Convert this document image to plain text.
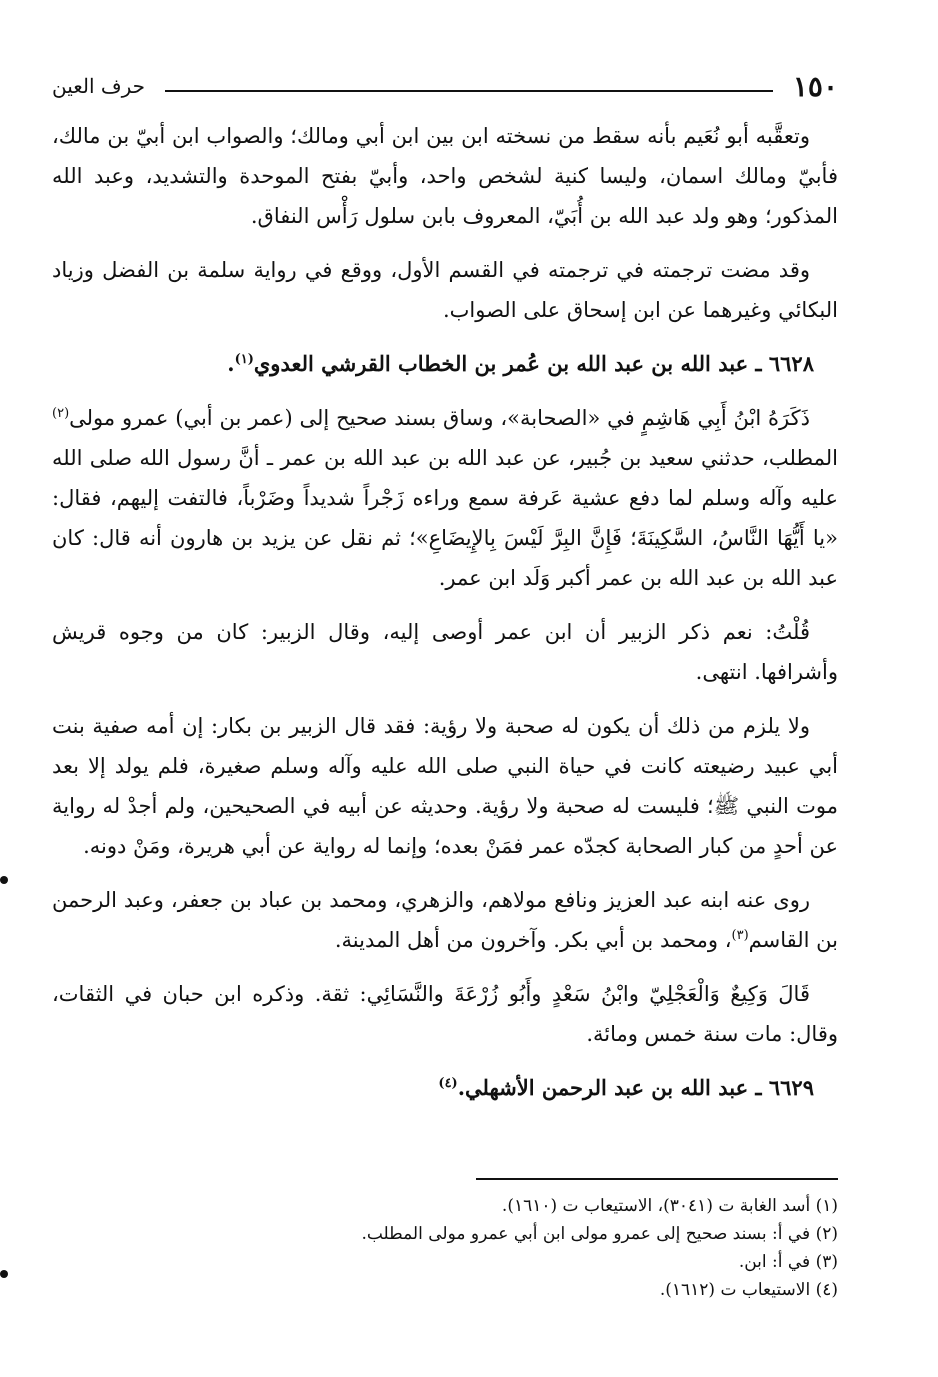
١٥٠
حرف العين

وتعقَّبه أبو نُعَيم بأنه سقط من نسخته ابن بين ابن أبي ومالك؛ والصواب ابن أبيّ بن مالك، فأبيّ ومالك اسمان، وليسا كنية لشخص واحد، وأبيّ بفتح الموحدة والتشديد، وعبد الله المذكور؛ وهو ولد عبد الله بن أُبَيّ، المعروف بابن سلول رَأْس النفاق.

وقد مضت ترجمته في ترجمته في القسم الأول، ووقع في رواية سلمة بن الفضل وزياد البكائي وغيرهما عن ابن إسحاق على الصواب.

٦٦٢٨ ـ عبد الله بن عبد الله بن عُمر بن الخطاب القرشي العدوي$^{(١)}$.

ذَكَرَهُ ابْنُ أَبِي هَاشِمٍ في «الصحابة»، وساق بسند صحيح إلى (عمر بن أبي) عمرو مولى$^{(٢)}$ المطلب، حدثني سعيد بن جُبير، عن عبد الله بن عبد الله بن عمر ـ أنَّ رسول الله صلى الله عليه وآله وسلم لما دفع عشية عَرفة سمع وراءه زَجْراً شديداً وضَرْباً، فالتفت إليهم، فقال: «يا أَيُّهَا النَّاسُ، السَّكِينَةَ؛ فَإِنَّ البِرَّ لَيْسَ بِالإِيضَاعِ»؛ ثم نقل عن يزيد بن هارون أنه قال: كان عبد الله بن عبد الله بن عمر أكبر وَلَد ابن عمر.

قُلْتُ: نعم ذكر الزبير أن ابن عمر أوصى إليه، وقال الزبير: كان من وجوه قريش وأشرافها. انتهى.

ولا يلزم من ذلك أن يكون له صحبة ولا رؤية: فقد قال الزبير بن بكار: إن أمه صفية بنت أبي عبيد رضيعته كانت في حياة النبي صلى الله عليه وآله وسلم صغيرة، فلم يولد إلا بعد موت النبي ﷺ؛ فليست له صحبة ولا رؤية. وحديثه عن أبيه في الصحيحين، ولم أجدْ له رواية عن أحدٍ من كبار الصحابة كجدّه عمر فمَنْ بعده؛ وإنما له رواية عن أبي هريرة، ومَنْ دونه.

روى عنه ابنه عبد العزيز ونافع مولاهم، والزهري، ومحمد بن عباد بن جعفر، وعبد الرحمن بن القاسم$^{(٣)}$، ومحمد بن أبي بكر. وآخرون من أهل المدينة.

قَالَ وَكِيعٌ وَالْعَجْلِيّ وابْنُ سَعْدٍ وأَبُو زُرْعَةَ والنَّسَائِي: ثقة. وذكره ابن حبان في الثقات، وقال: مات سنة خمس ومائة.

٦٦٢٩ ـ عبد الله بن عبد الرحمن الأشهلي.$^{(٤)}$

(١) أسد الغابة ت (٣٠٤١)، الاستيعاب ت (١٦١٠).
(٢) في أ: بسند صحيح إلى عمرو مولى ابن أبي عمرو مولى المطلب.
(٣) في أ: ابن.
(٤) الاستيعاب ت (١٦١٢).
